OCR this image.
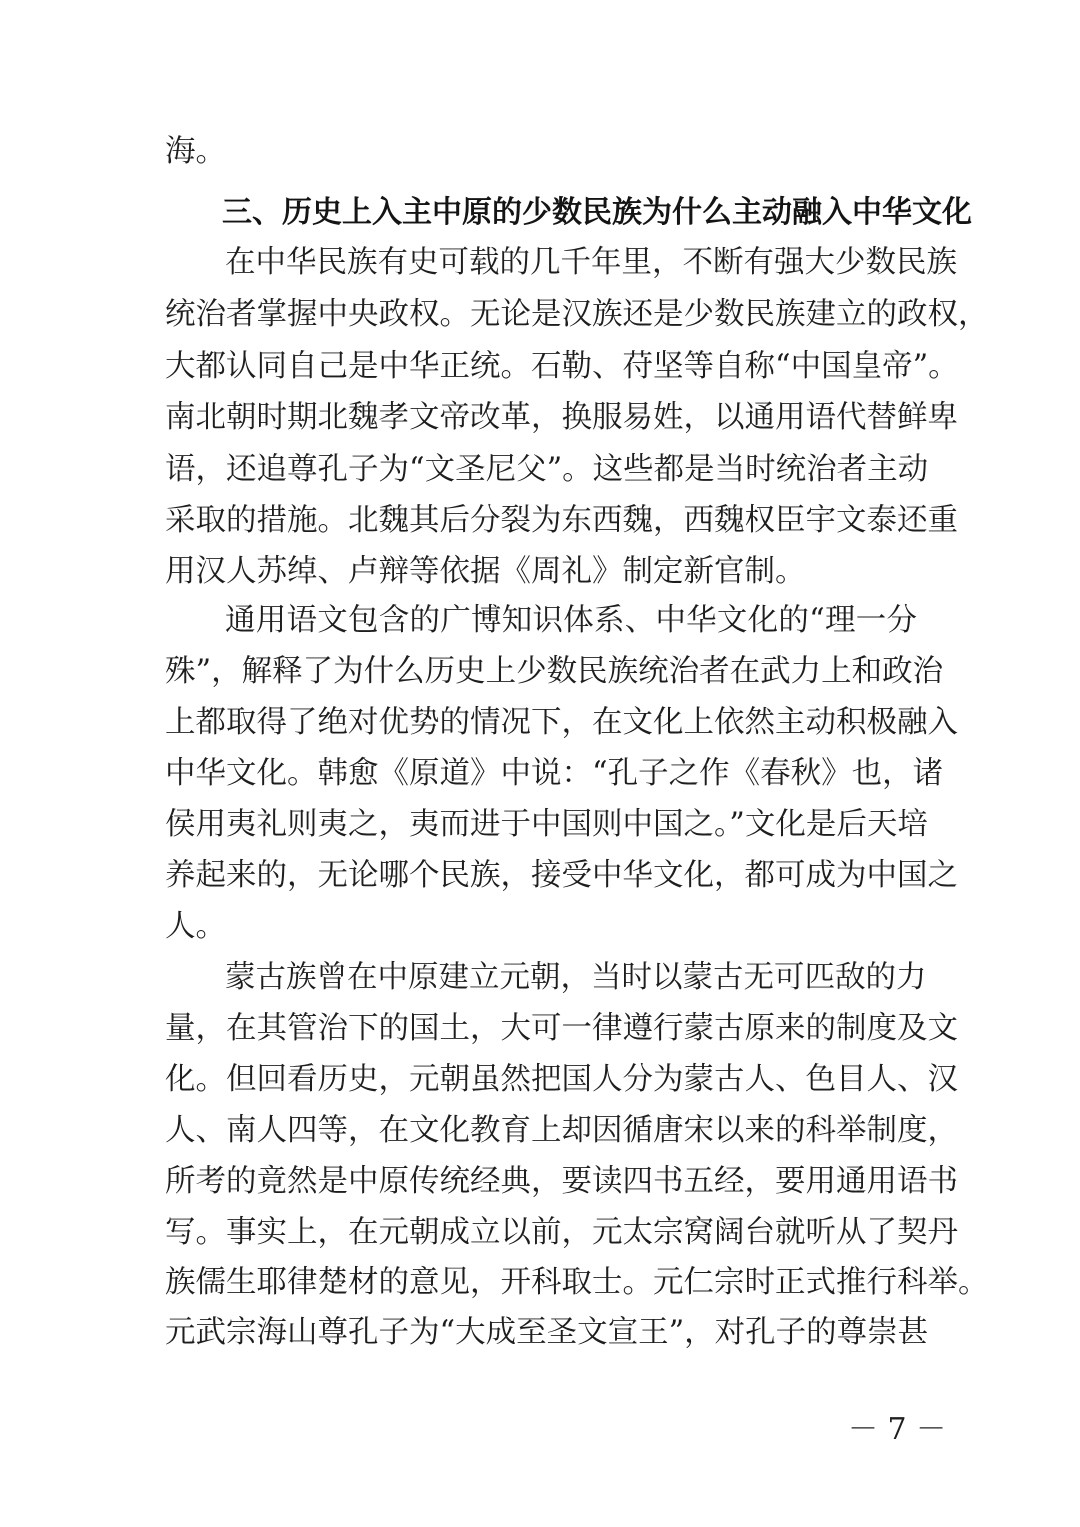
海。
三、历史上入主中原的少数民族为什么主动融入中华文化
在中华民族有史可载的几千年里，不断有强大少数民族
统治者掌握中央政权。无论是汉族还是少数民族建立的政权，
大都认同自己是中华正统。石勒、苻坚等自称“中国皇帝”。
南北朝时期北魏孝文帝改革，换服易姓，以通用语代替鲜卑
语，还追尊孔子为“文圣尼父”。这些都是当时统治者主动
采取的措施。北魏其后分裂为东西魏，西魏权臣宇文泰还重
用汉人苏绰、卢辩等依据《周礼》制定新官制。
通用语文包含的广博知识体系、中华文化的“理一分
殊”，解释了为什么历史上少数民族统治者在武力上和政治
上都取得了绝对优势的情况下，在文化上依然主动积极融入
中华文化。韩愈《原道》中说：“孔子之作《春秋》也，诸
侯用夷礼则夷之，夷而进于中国则中国之。”文化是后天培
养起来的，无论哪个民族，接受中华文化，都可成为中国之
人。
蒙古族曾在中原建立元朝，当时以蒙古无可匹敌的力
量，在其管治下的国土，大可一律遵行蒙古原来的制度及文
化。但回看历史，元朝虽然把国人分为蒙古人、色目人、汉
人、南人四等，在文化教育上却因循唐宋以来的科举制度，
所考的竟然是中原传统经典，要读四书五经，要用通用语书
写。事实上，在元朝成立以前，元太宗窝阔台就听从了契丹
族儒生耶律楚材的意见，开科取士。元仁宗时正式推行科举。
元武宗海山尊孔子为“大成至圣文宣王”，对孔子的尊崇甚
－ 7 －
